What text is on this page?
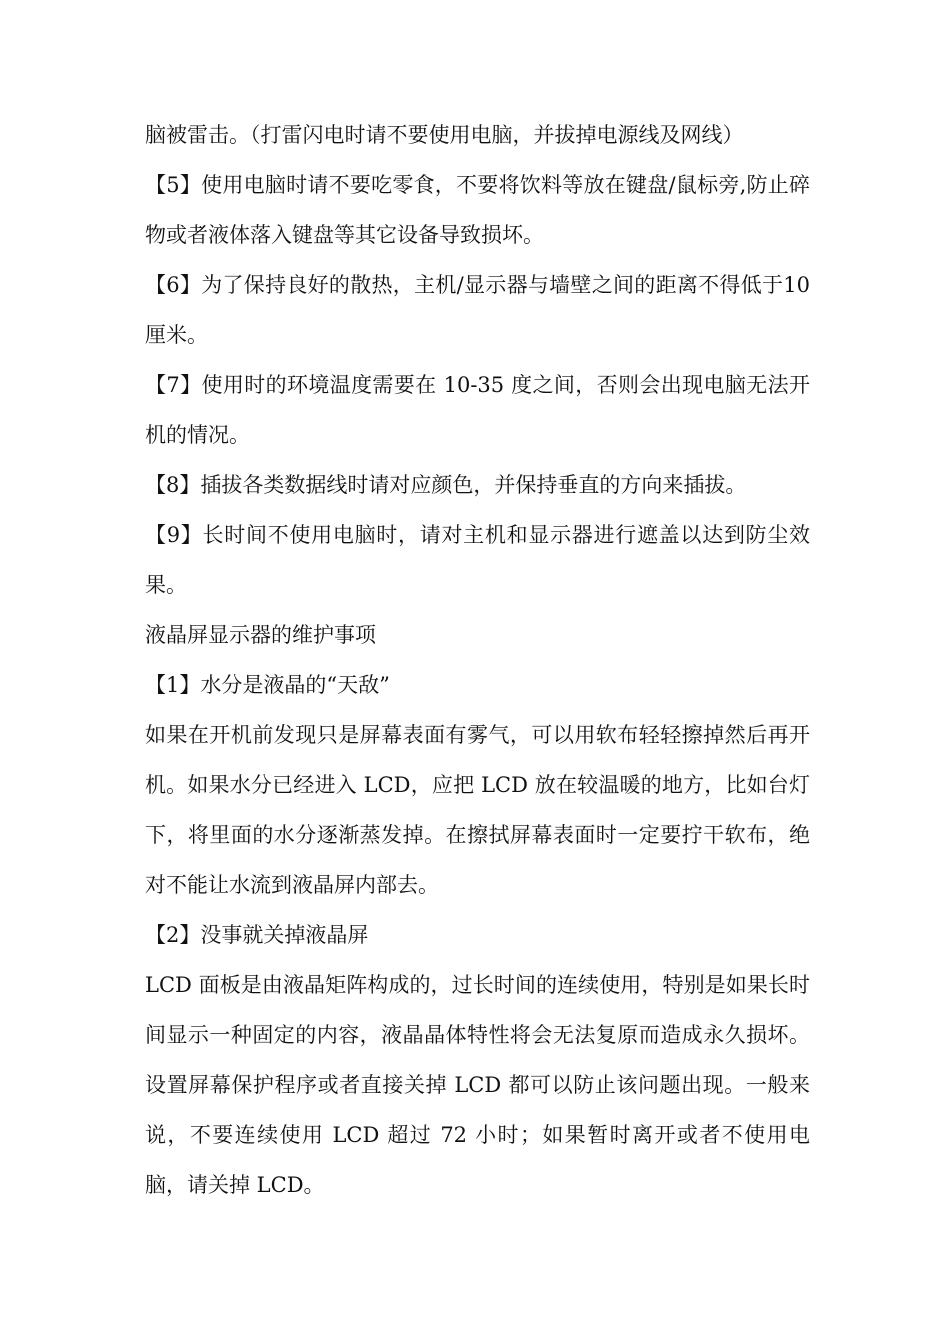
脑被雷击。（打雷闪电时请不要使用电脑，并拔掉电源线及网线）

【5】使用电脑时请不要吃零食，不要将饮料等放在键盘/鼠标旁,防止碎物或者液体落入键盘等其它设备导致损坏。

【6】为了保持良好的散热，主机/显示器与墙壁之间的距离不得低于10 厘米。

【7】使用时的环境温度需要在 10-35 度之间，否则会出现电脑无法开机的情况。

【8】插拔各类数据线时请对应颜色，并保持垂直的方向来插拔。

【9】长时间不使用电脑时，请对主机和显示器进行遮盖以达到防尘效果。

液晶屏显示器的维护事项

【1】水分是液晶的“天敌”

如果在开机前发现只是屏幕表面有雾气，可以用软布轻轻擦掉然后再开机。如果水分已经进入 LCD，应把 LCD 放在较温暖的地方，比如台灯下，将里面的水分逐渐蒸发掉。在擦拭屏幕表面时一定要拧干软布，绝对不能让水流到液晶屏内部去。

【2】没事就关掉液晶屏

LCD 面板是由液晶矩阵构成的，过长时间的连续使用，特别是如果长时间显示一种固定的内容，液晶晶体特性将会无法复原而造成永久损坏。设置屏幕保护程序或者直接关掉 LCD 都可以防止该问题出现。一般来说，不要连续使用 LCD 超过 72 小时；如果暂时离开或者不使用电脑，请关掉 LCD。
